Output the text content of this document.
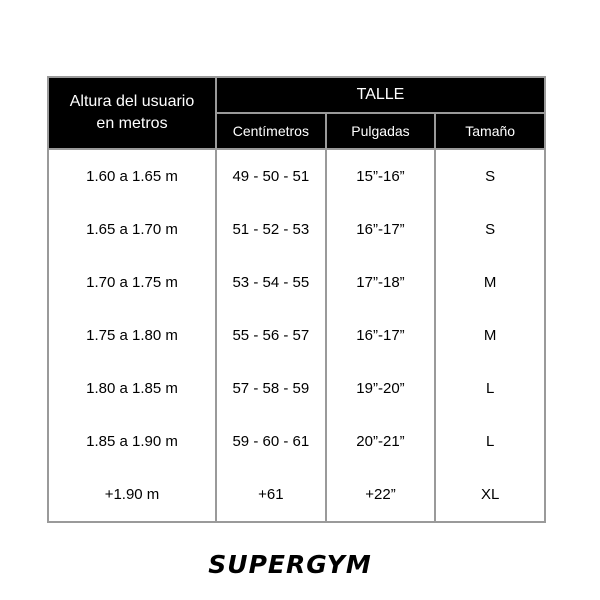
Altura del usuario
en metros	TALLE		
	Centímetros	Pulgadas	Tamaño
1.60 a 1.65 m	49 - 50 - 51	15”-16”	S
1.65 a 1.70 m	51 - 52 - 53	16”-17”	S
1.70 a 1.75 m	53 - 54 - 55	17”-18”	M
1.75 a 1.80 m	55 - 56 - 57	16”-17”	M
1.80 a 1.85 m	57 - 58 - 59	19”-20”	L
1.85 a 1.90 m	59 - 60 - 61	20”-21”	L
+1.90 m	+61	+22”	XL
SUPERGYM
